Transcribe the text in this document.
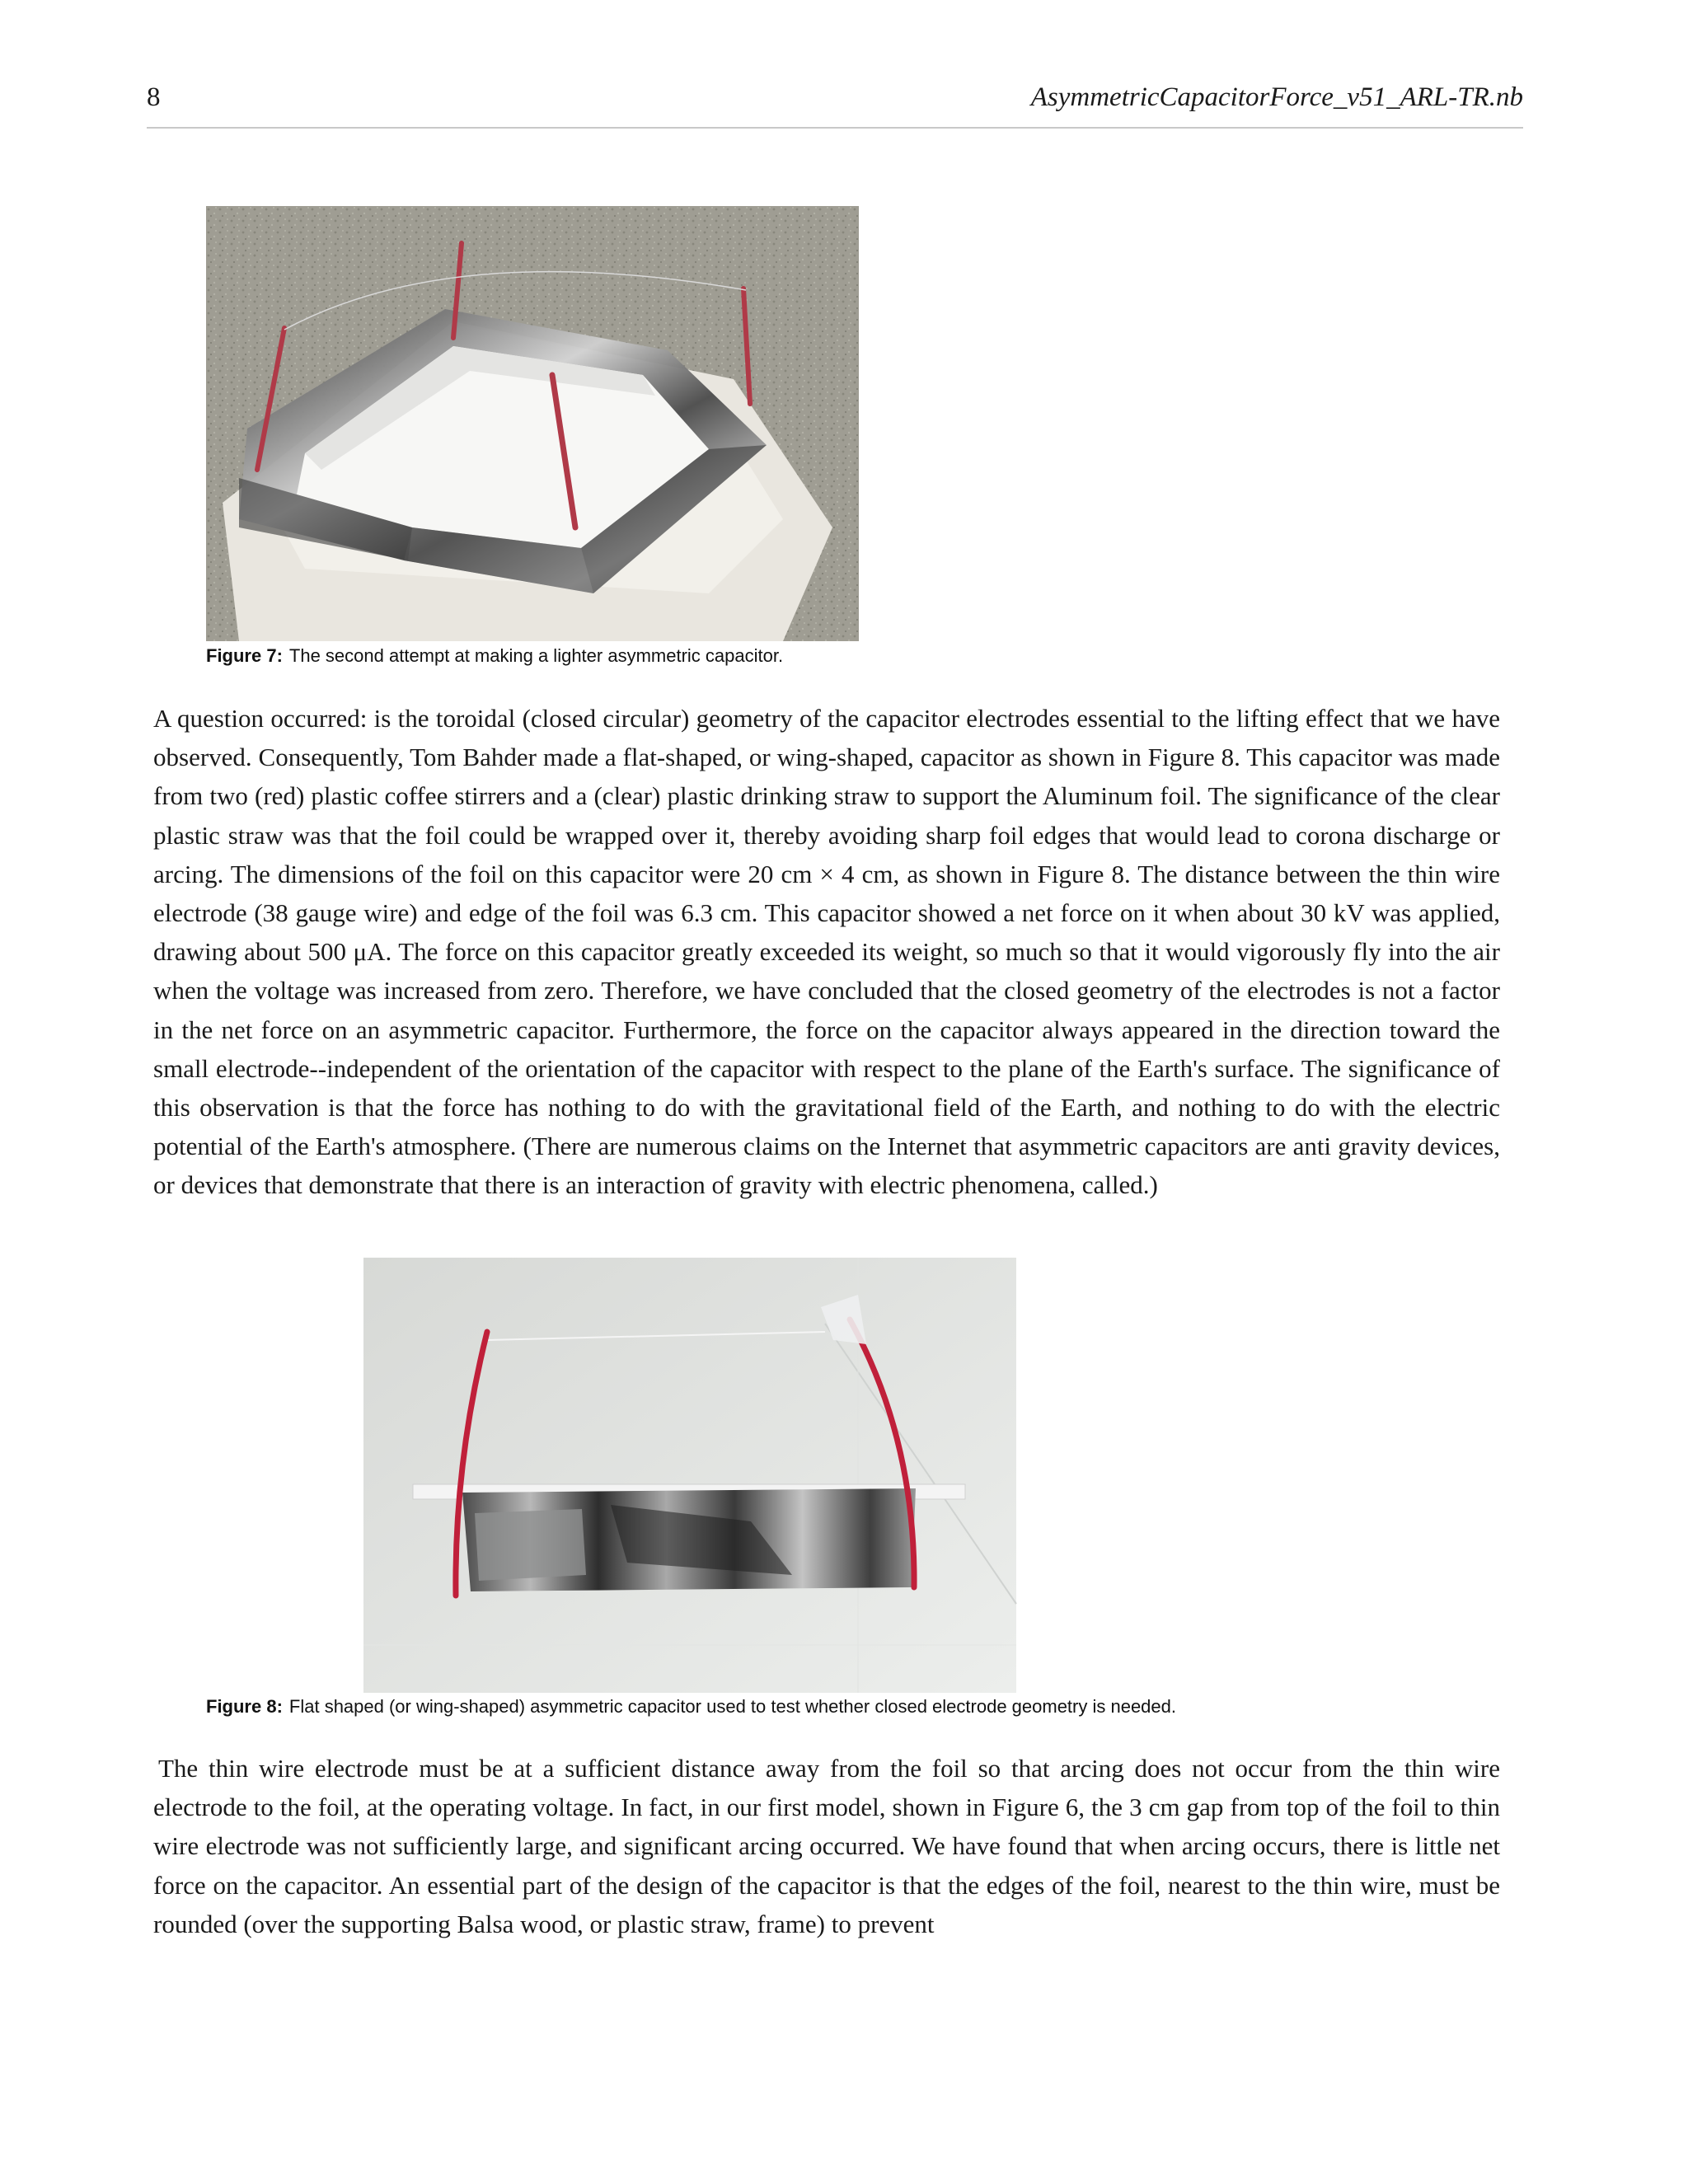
8	AsymmetricCapacitorForce_v51_ARL-TR.nb
Figure 7: The second attempt at making a lighter asymmetric capacitor.

A question occurred: is the toroidal (closed circular) geometry of the capacitor electrodes essential to the lifting effect that we have observed. Consequently, Tom Bahder made a flat-shaped, or wing-shaped, capacitor as shown in Figure 8. This capacitor was made from two (red) plastic coffee stirrers and a (clear) plastic drinking straw to support the Aluminum foil. The significance of the clear plastic straw was that the foil could be wrapped over it, thereby avoiding sharp foil edges that would lead to corona discharge or arcing. The dimensions of the foil on this capacitor were 20 cm × 4 cm, as shown in Figure 8. The distance between the thin wire electrode (38 gauge wire) and edge of the foil was 6.3 cm. This capacitor showed a net force on it when about 30 kV was applied, drawing about 500 μA. The force on this capacitor greatly exceeded its weight, so much so that it would vigorously fly into the air when the voltage was increased from zero. Therefore, we have concluded that the closed geometry of the electrodes is not a factor in the net force on an asymmetric capacitor. Furthermore, the force on the capacitor always appeared in the direction toward the small electrode--independent of the orientation of the capacitor with respect to the plane of the Earth's surface. The significance of this observation is that the force has nothing to do with the gravitational field of the Earth, and nothing to do with the electric potential of the Earth's atmosphere. (There are numerous claims on the Internet that asymmetric capacitors are anti gravity devices, or devices that demonstrate that there is an interaction of gravity with electric phenomena, called.)

Figure 8: Flat shaped (or wing-shaped) asymmetric capacitor used to test whether closed electrode geometry is needed.

The thin wire electrode must be at a sufficient distance away from the foil so that arcing does not occur from the thin wire electrode to the foil, at the operating voltage. In fact, in our first model, shown in Figure 6, the 3 cm gap from top of the foil to thin wire electrode was not sufficiently large, and significant arcing occurred. We have found that when arcing occurs, there is little net force on the capacitor. An essential part of the design of the capacitor is that the edges of the foil, nearest to the thin wire, must be rounded (over the supporting Balsa wood, or plastic straw, frame) to prevent
